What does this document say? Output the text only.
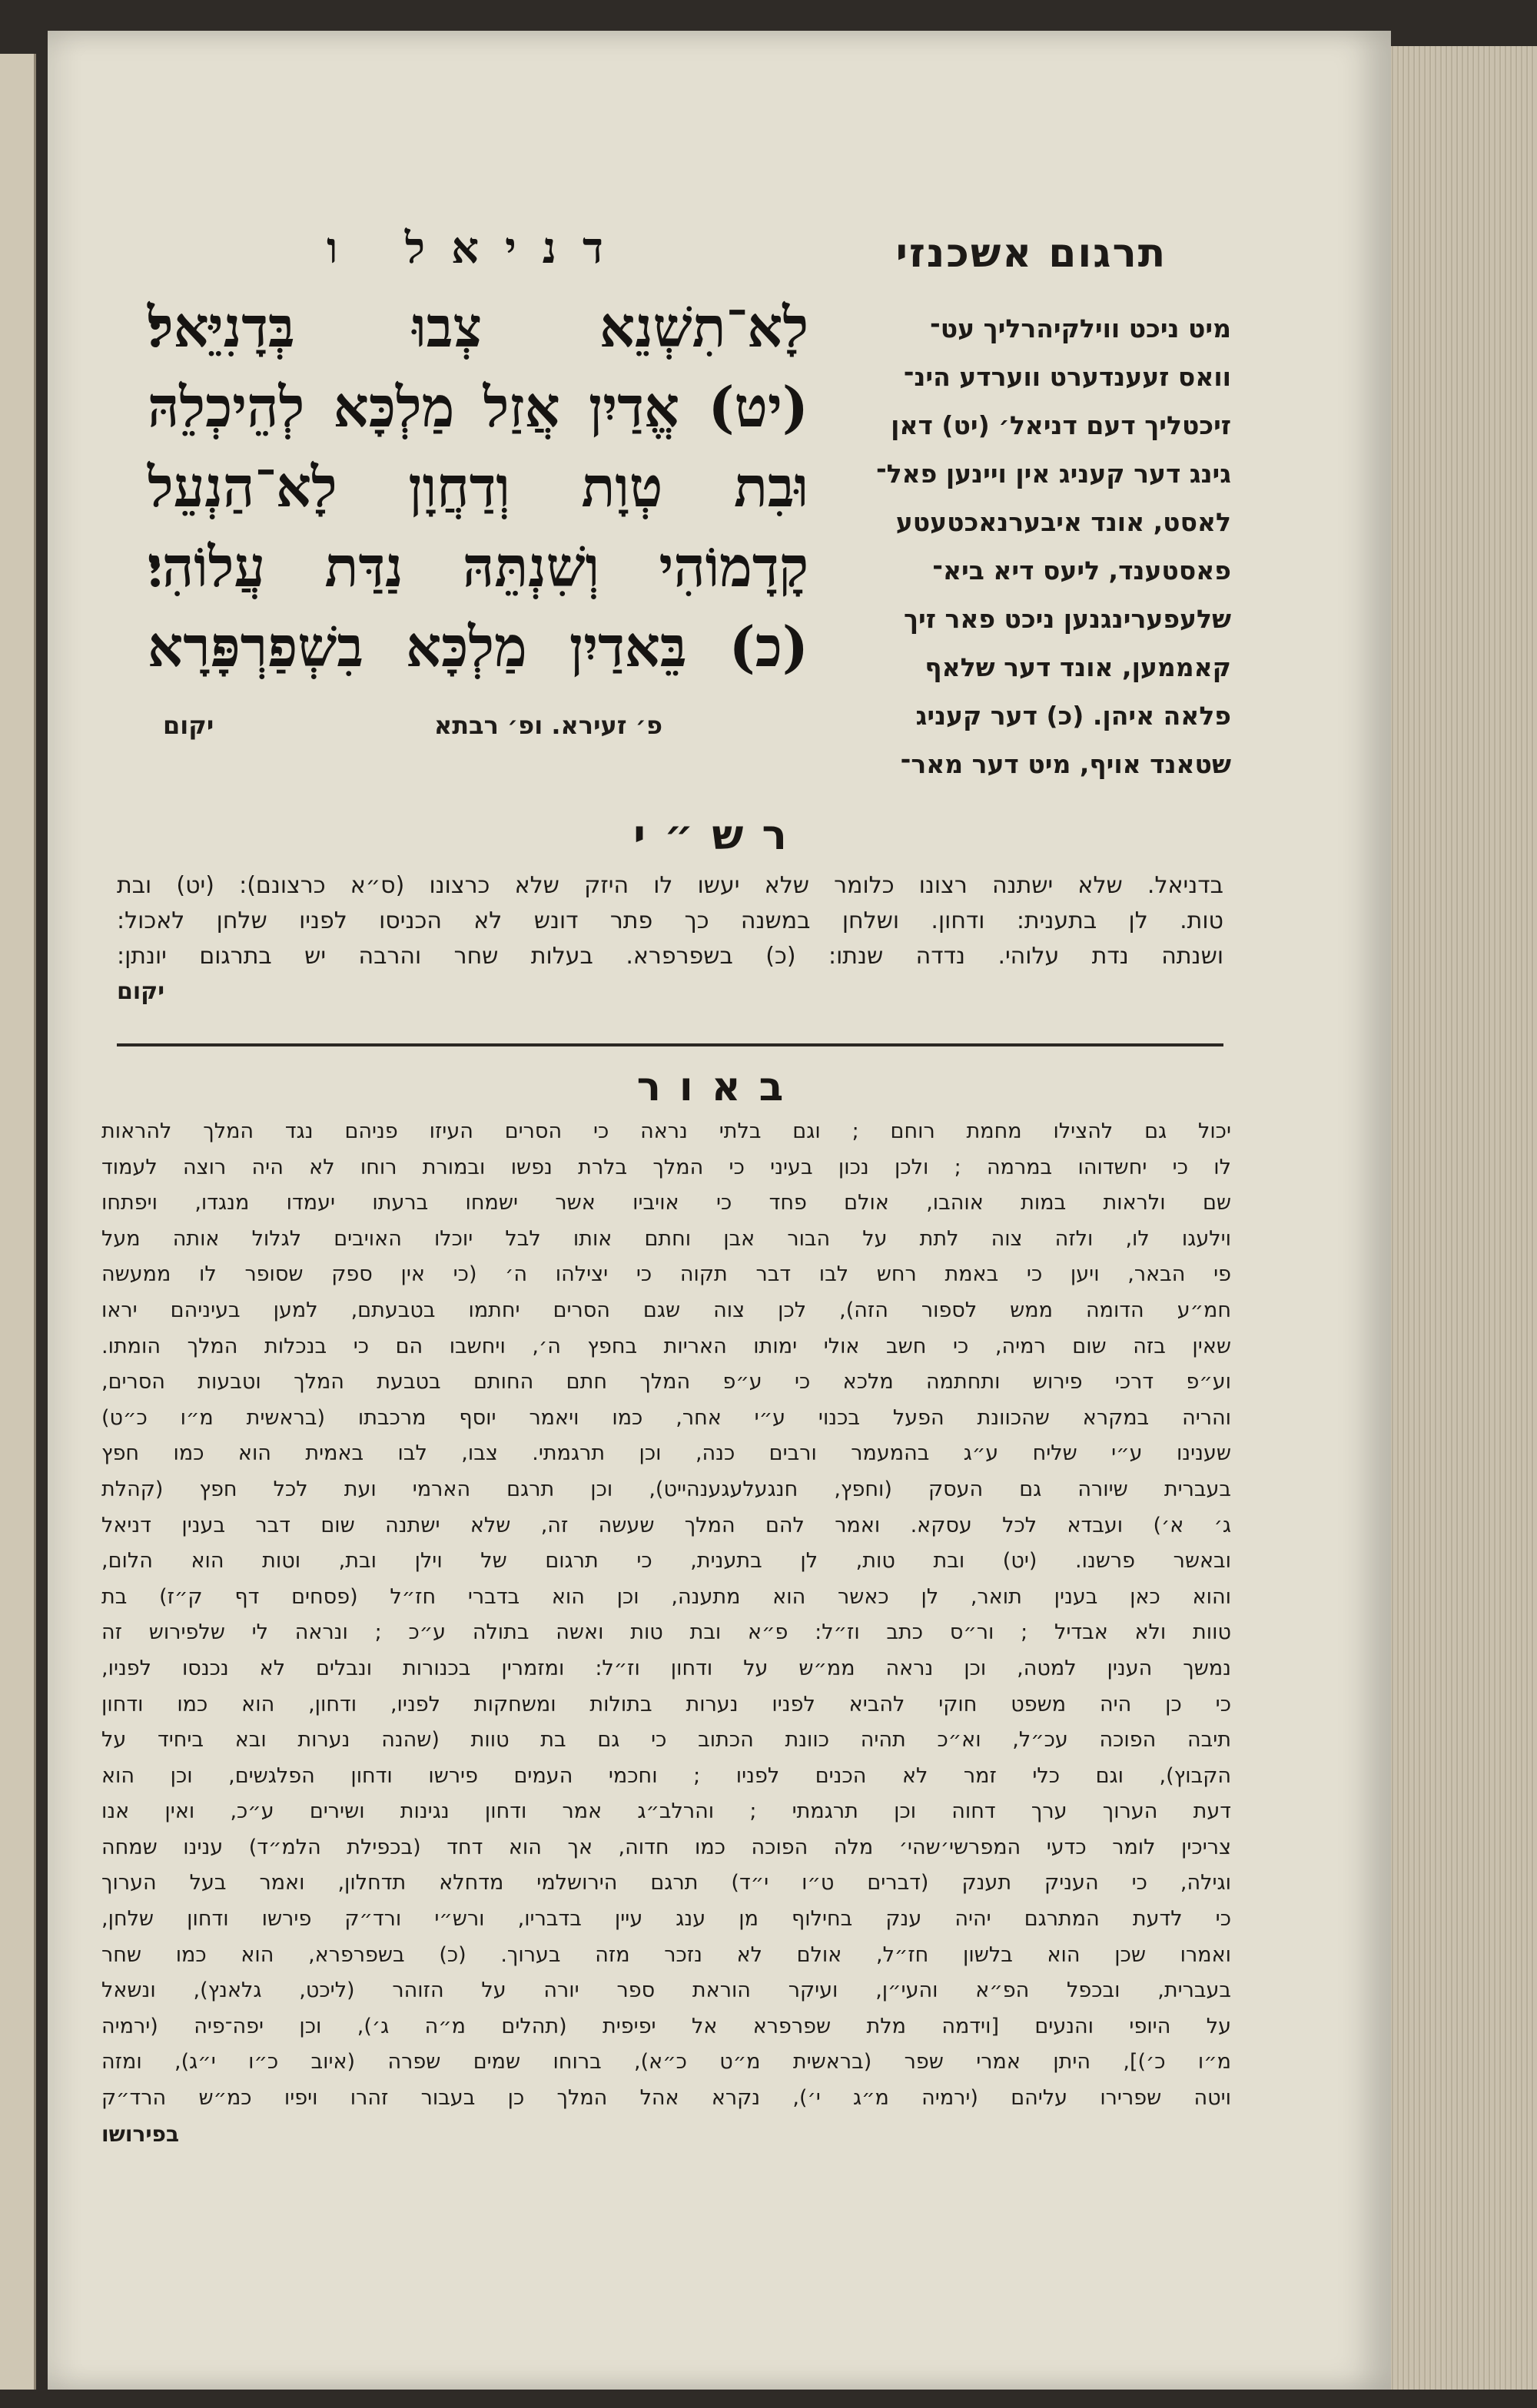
תרגום אשכנזי
מיט ניכט ווילקיהרליך עט־
וואס זעענדערט ווערדע הינ־
זיכטליך דעם דניאל׳ (יט) דאן
גינג דער קעניג אין ויינען פאל־
לאסט, אונד איבערנאכטעטע
פאסטענד, ליעס דיא ביא־
שלעפערינגנען ניכט פאר זיך
קאממען, אונד דער שלאף
פלאה איהן. (כ) דער קעניג
שטאנד אויף, מיט דער מאר־
דניאל ו
לָא־תִשְׁנֵא צְבוּ בְּדָנִיֵּאל׃
(יט) אֱדַיִן אֲזַל מַלְכָּא לְהֵיכְלֵהּ
וּבִת טְוָת וְדַחֲוָן לָא־הַנְעֵל
קָדָמוֹהִי וְשִׁנְתֵּהּ נַדַּת עֲלוֹהִי׃
(כ) בֵּאדַיִן מַלְכָּא בִשְׁפַרְפָּרָא
פ׳ זעירא. ופ׳ רבתא
יקום
רש״י
בדניאל. שלא ישתנה רצונו כלומר שלא יעשו לו היזק שלא כרצונו (ס״א כרצונם): (יט) ובת
טות. לן בתענית: ודחון. ושלחן במשנה כך פתר דונש לא הכניסו לפניו שלחן לאכול:
ושנתה נדת עלוהי. נדדה שנתו: (כ) בשפרפרא. בעלות שחר והרבה יש בתרגום יונתן:
יקום
באור
יכול גם להצילו מחמת רוחם ; וגם בלתי נראה כי הסרים העיזו פניהם נגד המלך להראות
לו כי יחשדוהו במרמה ; ולכן נכון בעיני כי המלך בלרת נפשו ובמורת רוחו לא היה רוצה לעמוד
שם ולראות במות אוהבו, אולם פחד כי אויביו אשר ישמחו ברעתו יעמדו מנגדו, ויפתחו
וילעגו לו, ולזה צוה לתת על הבור אבן וחתם אותו לבל יוכלו האויבים לגלול אותה מעל
פי הבאר, ויען כי באמת רחש לבו דבר תקוה כי יצילהו ה׳ (כי אין ספק שסופר לו ממעשה
חמ״ע הדומה ממש לספור הזה), לכן צוה שגם הסרים יחתמו בטבעתם, למען בעיניהם יראו
שאין בזה שום רמיה, כי חשב אולי ימותו האריות בחפץ ה׳, ויחשבו הם כי בנכלות המלך הומתו.
וע״פ דרכי פירוש ותחתמה מלכא כי ע״פ המלך חתם החותם בטבעת המלך וטבעות הסרים,
והריה במקרא שהכוונת הפעל בכנוי ע״י אחר, כמו ויאמר יוסף מרכבתו (בראשית מ״ו כ״ט)
שענינו ע״י שליח ע״ג בהמעמר ורבים כנה, וכן תרגמתי. צבו, לבו באמית הוא כמו חפץ
בעברית שיורה גם העסק (וחפץ, חנגעלעגענהייט), וכן תרגם הארמי ועת לכל חפץ (קהלת
ג׳ א׳) ועבדא לכל עסקא. ואמר להם המלך שעשה זה, שלא ישתנה שום דבר בענין דניאל
ובאשר פרשנו. (יט) ובת טות, לן בתענית, כי תרגום של וילן ובת, וטות הוא הלום,
והוא כאן בענין תואר, לן כאשר הוא מתענה, וכן הוא בדברי חז״ל (פסחים דף ק״ז) בת
טוות ולא אבדיל ; ור״ס כתב וז״ל: פ״א ובת טות ואשה בתולה ע״כ ; ונראה לי שלפירוש זה
נמשך הענין למטה, וכן נראה ממ״ש על ודחון וז״ל: ומזמרין בכנורות ונבלים לא נכנסו לפניו,
כי כן היה משפט חוקי להביא לפניו נערות בתולות ומשחקות לפניו, ודחון, הוא כמו ודחון
תיבה הפוכה עכ״ל, וא״כ תהיה כוונת הכתוב כי גם בת טוות (שהנה נערות ובא ביחיד על
הקבוץ), וגם כלי זמר לא הכנים לפניו ; וחכמי העמים פירשו ודחון הפלגשים, וכן הוא
דעת הערוך ערך דחוה וכן תרגמתי ; והרלב״ג אמר ודחון נגינות ושירים ע״כ, ואין אנו
צריכין לומר כדעי המפרשי׳שהי׳ מלה הפוכה כמו חדוה, אך הוא דחד (בכפילת הלמ״ד) ענינו שמחה
וגילה, כי העניק תענק (דברים ט״ו י״ד) תרגם הירושלמי מדחלא תדחלון, ואמר בעל הערוך
כי לדעת המתרגם יהיה ענק בחילוף מן ענג עיין בדבריו, ורש״י ורד״ק פירשו ודחון שלחן,
ואמרו שכן הוא בלשון חז״ל, אולם לא נזכר מזה בערוך. (כ) בשפרפרא, הוא כמו שחר
בעברית, ובכפל הפ״א והעי״ן, ועיקר הוראת ספר יורה על הזוהר (ליכט, גלאנץ), ונשאל
על היופי והנעים [וידמה מלת שפרפרא אל יפיפית (תהלים מ״ה ג׳), וכן יפה־פיה (ירמיה
מ״ו כ׳)], היתן אמרי שפר (בראשית מ״ט כ״א), ברוחו שמים שפרה (איוב כ״ו י״ג), ומזה
ויטה שפרירו עליהם (ירמיה מ״ג י׳), נקרא אהל המלך כן בעבור זהרו ויפיו כמ״ש הרד״ק
בפירושו
